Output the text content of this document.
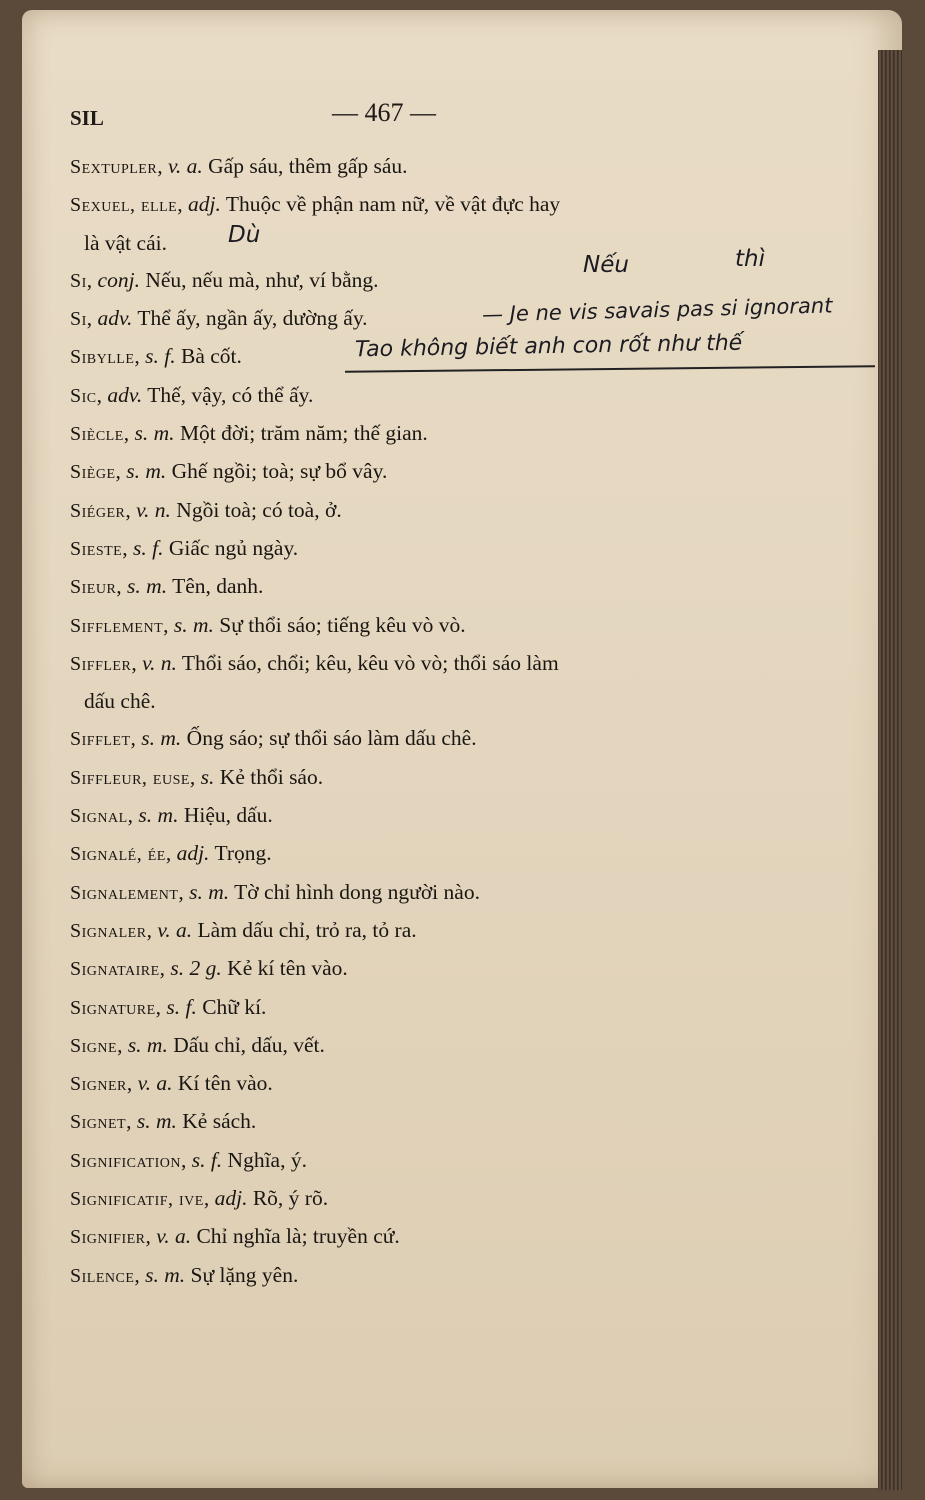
SIL	— 467 —
Sextupler, v. a. Gấp sáu, thêm gấp sáu.
Sexuel, elle, adj. Thuộc về phận nam nữ, về vật đực hay
là vật cái.
Si, conj. Nếu, nếu mà, như, ví bằng.
Si, adv. Thể ấy, ngần ấy, dường ấy.
Sibylle, s. f. Bà cốt.
Sic, adv. Thế, vậy, có thể ấy.
Siècle, s. m. Một đời; trăm năm; thế gian.
Siège, s. m. Ghế ngồi; toà; sự bổ vây.
Siéger, v. n. Ngồi toà; có toà, ở.
Sieste, s. f. Giấc ngủ ngày.
Sieur, s. m. Tên, danh.
Sifflement, s. m. Sự thổi sáo; tiếng kêu vò vò.
Siffler, v. n. Thổi sáo, chổi; kêu, kêu vò vò; thổi sáo làm
dấu chê.
Sifflet, s. m. Ống sáo; sự thổi sáo làm dấu chê.
Siffleur, euse, s. Kẻ thổi sáo.
Signal, s. m. Hiệu, dấu.
Signalé, ée, adj. Trọng.
Signalement, s. m. Tờ chỉ hình dong người nào.
Signaler, v. a. Làm dấu chỉ, trỏ ra, tỏ ra.
Signataire, s. 2 g. Kẻ kí tên vào.
Signature, s. f. Chữ kí.
Signe, s. m. Dấu chỉ, dấu, vết.
Signer, v. a. Kí tên vào.
Signet, s. m. Kẻ sách.
Signification, s. f. Nghĩa, ý.
Significatif, ive, adj. Rõ, ý rõ.
Signifier, v. a. Chỉ nghĩa là; truyền cứ.
Silence, s. m. Sự lặng yên.
Dù
Nếu	thì
— Je ne vis savais pas si ignorant
Tao không biết anh con rốt như thế
